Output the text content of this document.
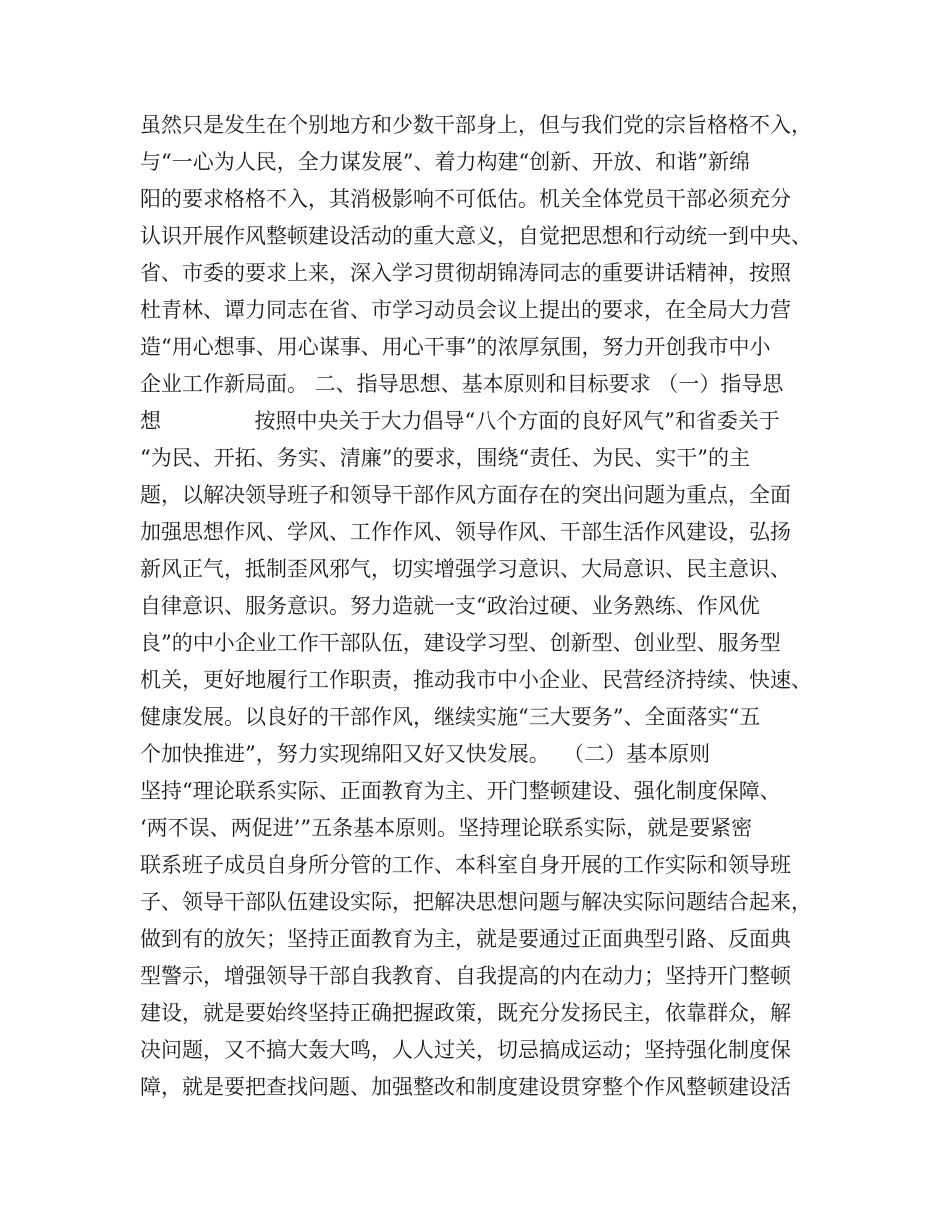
虽然只是发生在个别地方和少数干部身上，但与我们党的宗旨格格不入，
与“一心为人民，全力谋发展”、着力构建“创新、开放、和谐”新绵
阳的要求格格不入，其消极影响不可低估。机关全体党员干部必须充分
认识开展作风整顿建设活动的重大意义，自觉把思想和行动统一到中央、
省、市委的要求上来，深入学习贯彻胡锦涛同志的重要讲话精神，按照
杜青林、谭力同志在省、市学习动员会议上提出的要求，在全局大力营
造“用心想事、用心谋事、用心干事”的浓厚氛围，努力开创我市中小
企业工作新局面。 二、指导思想、基本原则和目标要求 （一）指导思
想              按照中央关于大力倡导“八个方面的良好风气”和省委关于
“为民、开拓、务实、清廉”的要求，围绕“责任、为民、实干”的主
题，以解决领导班子和领导干部作风方面存在的突出问题为重点，全面
加强思想作风、学风、工作作风、领导作风、干部生活作风建设，弘扬
新风正气，抵制歪风邪气，切实增强学习意识、大局意识、民主意识、
自律意识、服务意识。努力造就一支“政治过硬、业务熟练、作风优
良”的中小企业工作干部队伍，建设学习型、创新型、创业型、服务型
机关，更好地履行工作职责，推动我市中小企业、民营经济持续、快速、
健康发展。以良好的干部作风，继续实施“三大要务”、全面落实“五
个加快推进”，努力实现绵阳又好又快发展。  （二）基本原则
坚持“理论联系实际、正面教育为主、开门整顿建设、强化制度保障、
‘两不误、两促进’”五条基本原则。坚持理论联系实际，就是要紧密
联系班子成员自身所分管的工作、本科室自身开展的工作实际和领导班
子、领导干部队伍建设实际，把解决思想问题与解决实际问题结合起来，
做到有的放矢；坚持正面教育为主，就是要通过正面典型引路、反面典
型警示，增强领导干部自我教育、自我提高的内在动力；坚持开门整顿
建设，就是要始终坚持正确把握政策，既充分发扬民主，依靠群众，解
决问题，又不搞大轰大鸣，人人过关，切忌搞成运动；坚持强化制度保
障，就是要把查找问题、加强整改和制度建设贯穿整个作风整顿建设活
